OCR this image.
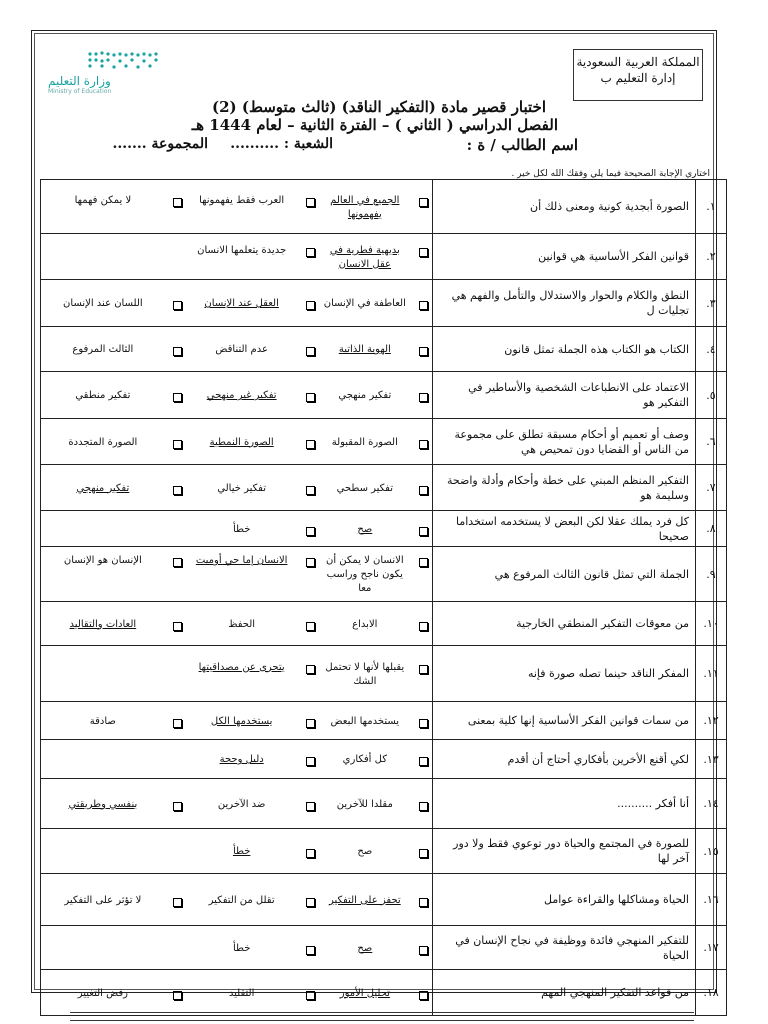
المملكة العربية السعودية
إدارة التعليم ب
وزارة التعليم
Ministry of Education
اختبار قصير مادة (التفكير الناقد) (ثالث متوسط) (2)
الفصل الدراسي ( الثاني ) – الفترة الثانية – لعام 1444 هـ
اسم الطالب / ة :
الشعبة : ..........
المجموعة .......
اختاري الإجابة الصحيحة فيما يلي وفقك الله لكل خير .
١.	الصورة أبجدية كونية ومعنى ذلك أن	الجميع في العالم يفهمونها
العرب فقط يفهمونها
لا يمكن فهمها

٢.	قوانين الفكر الأساسية هي قوانين	بديهية فطرية في عقل الانسان
جديدة يتعلمها الانسان

٣.	النطق والكلام والحوار والاستدلال والتأمل والفهم هي تجليات ل	العاطفة في الإنسان
العقل عند الإنسان
اللسان عند الإنسان

٤.	الكتاب هو الكتاب هذه الجملة تمثل قانون	الهوية الذاتية
عدم التناقض
الثالث المرفوع

٥.	الاعتماد على الانطباعات الشخصية والأساطير في التفكير هو	تفكير منهجي
تفكير غير منهجي
تفكير منطقي

٦.	وصف أو تعميم أو أحكام مسبقة تطلق على مجموعة من الناس أو القضايا دون تمحيص هي	الصورة المقبولة
الصورة النمطية
الصورة المتجددة

٧.	التفكير المنظم المبني على خطة وأحكام وأدلة واضحة وسليمة هو	تفكير سطحي
تفكير خيالي
تفكير منهجي

٨.	كل فرد يملك عقلا لكن البعض لا يستخدمه استخداما صحيحا	صح
خطأ

٩.	الجملة التي تمثل قانون الثالث المرفوع هي	الانسان لا يمكن أن يكون ناجح وراسب معا
الانسان إما حي أوميت
الإنسان هو الإنسان

١٠.	من معوقات التفكير المنطقي الخارجية	الابداع
الحفظ
العادات والتقاليد

١١.	المفكر الناقد حينما تصله صورة فإنه	يقبلها لأنها لا تحتمل الشك
يتحرى عن مصداقيتها

١٢.	من سمات قوانين الفكر الأساسية إنها كلية بمعنى	يستخدمها البعض
يستخدمها الكل
صادقة

١٣.	لكي أقنع الأخرين بأفكاري أحتاج أن أقدم	كل أفكاري
دليل وحجة

١٤.	أنا أفكر ..........	مقلدا للآخرين
ضد الآخرين
بنفسي وطريقتي

١٥.	للصورة في المجتمع والحياة دور توعوي فقط ولا دور آخر لها	صح
خطأ

١٦.	الحياة ومشاكلها والقراءة عوامل	تحفز على التفكير
تقلل من التفكير
لا تؤثر على التفكير

١٧.	للتفكير المنهجي فائدة ووظيفة في نجاح الإنسان في الحياة	صح
خطأ

١٨.	من قواعد التفكير المنهجي المهم	تحليل الأمور
التقليد
رفض التغيير
